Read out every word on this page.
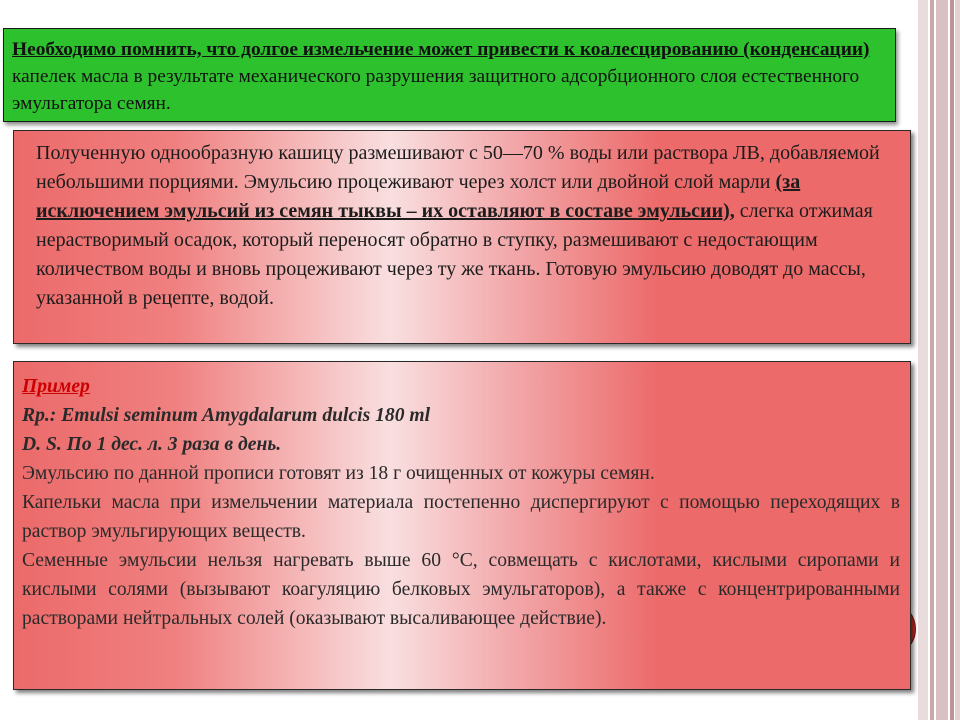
Необходимо помнить, что долгое измельчение может привести к коалесцированию (конденсации) капелек масла в результате механического разрушения защитного адсорбционного слоя естественного эмульгатора семян.
Полученную однообразную кашицу размешивают с 50—70 % воды или раствора ЛВ, добавляемой небольшими порциями. Эмульсию процеживают через холст или двойной слой марли (за исключением эмульсий из семян тыквы – их оставляют в составе эмульсии), слегка отжимая нерастворимый осадок, который переносят обратно в ступку, размешивают с недостающим количеством воды и вновь процеживают через ту же ткань. Готовую эмульсию доводят до массы, указанной в рецепте, водой.
Пример
Rp.: Emulsi seminum Amygdalarum dulcis 180 ml
D. S. По 1 дес. л. 3 раза в день.
Эмульсию по данной прописи готовят из 18 г очищенных от кожуры семян.
Капельки масла при измельчении материала постепенно диспергируют с помощью переходящих в раствор эмульгирующих веществ.
Семенные эмульсии нельзя нагревать выше 60 °С, совмещать с кислотами, кислыми сиропами и кислыми солями (вызывают коагуляцию белковых эмульгаторов), а также с концентрированными растворами нейтральных солей (оказывают высаливающее действие).
